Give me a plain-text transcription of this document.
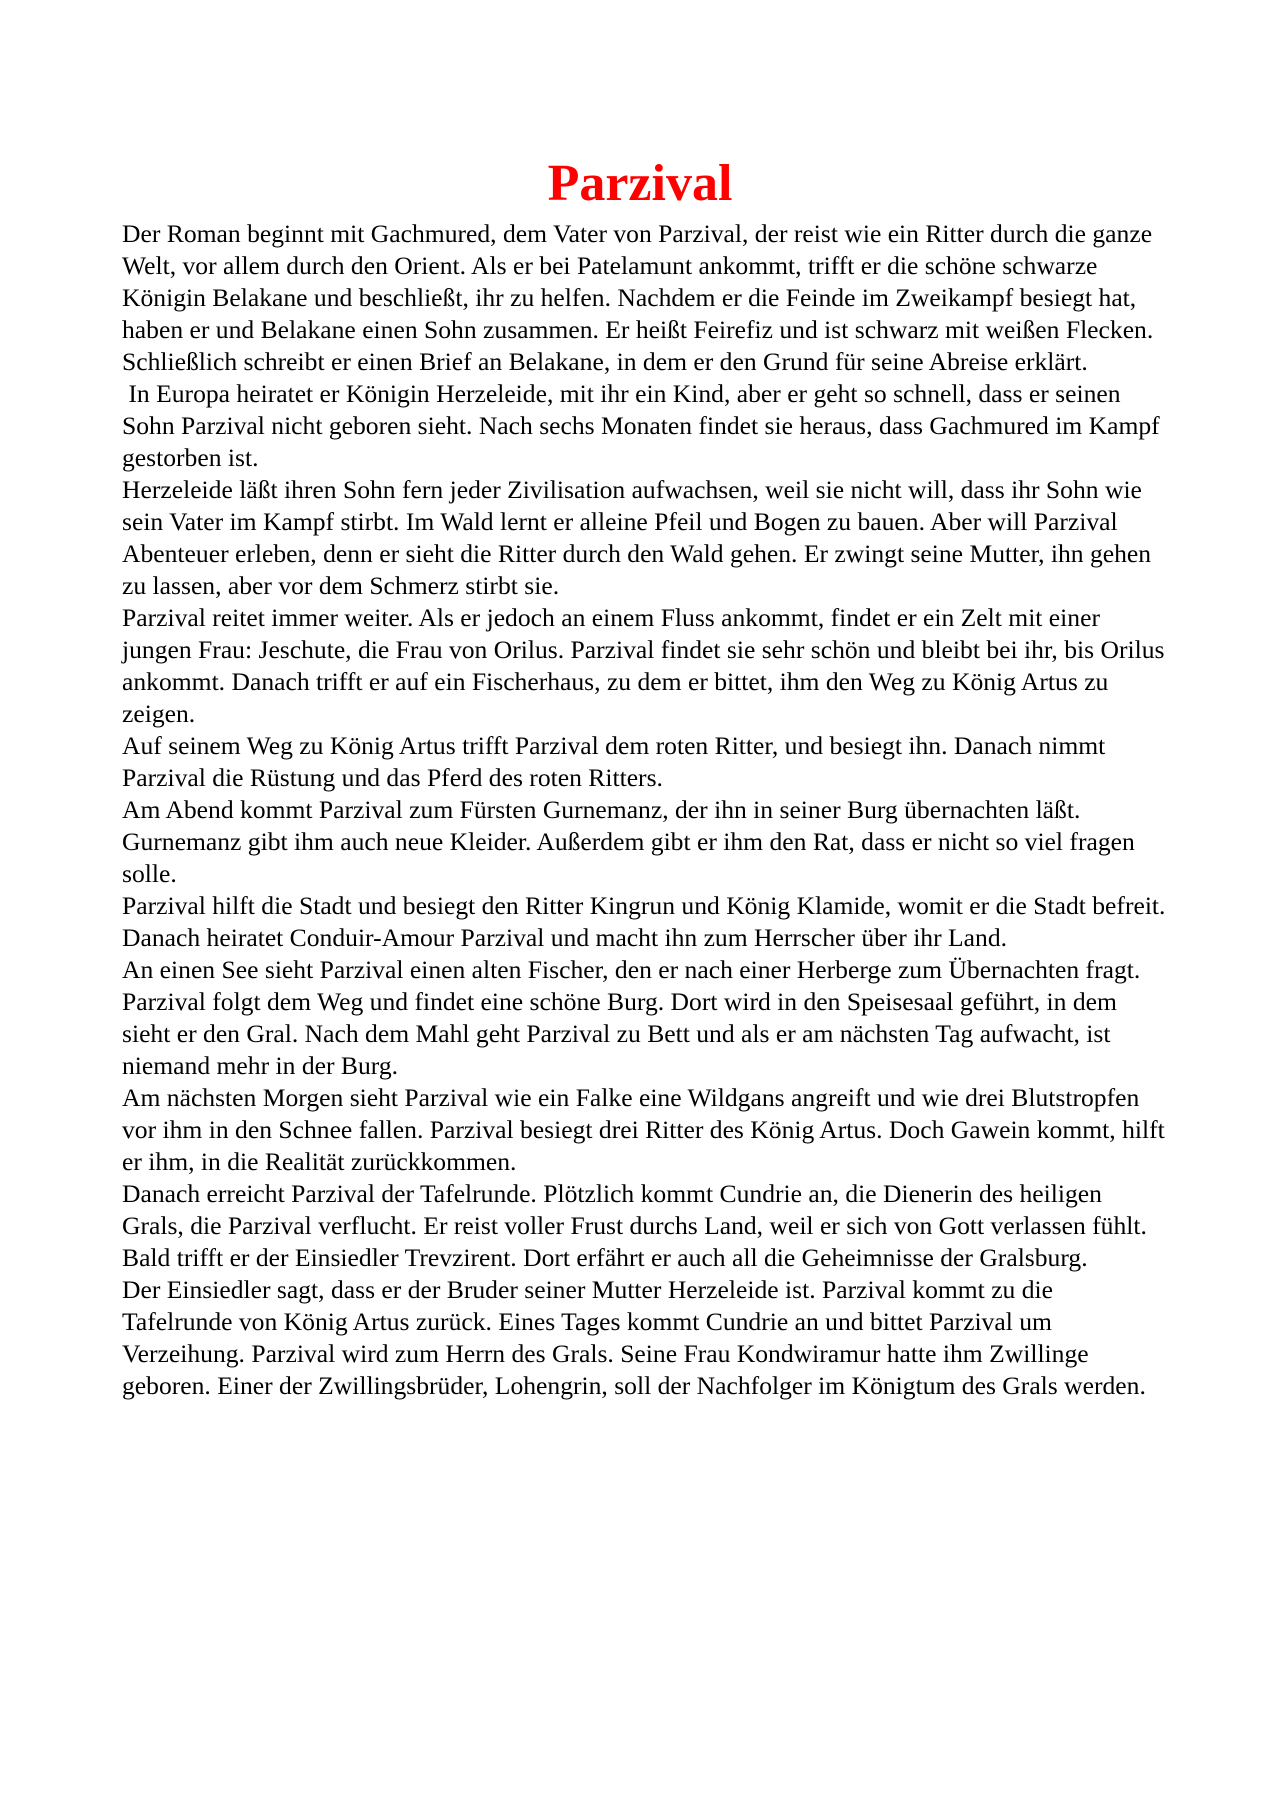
Parzival

Der Roman beginnt mit Gachmured, dem Vater von Parzival, der reist wie ein Ritter durch die ganze Welt, vor allem durch den Orient. Als er bei Patelamunt ankommt, trifft er die schöne schwarze Königin Belakane und beschließt, ihr zu helfen. Nachdem er die Feinde im Zweikampf besiegt hat, haben er und Belakane einen Sohn zusammen. Er heißt Feirefiz und ist schwarz mit weißen Flecken. Schließlich schreibt er einen Brief an Belakane, in dem er den Grund für seine Abreise erklärt.

In Europa heiratet er Königin Herzeleide, mit ihr ein Kind, aber er geht so schnell, dass er seinen Sohn Parzival nicht geboren sieht. Nach sechs Monaten findet sie heraus, dass Gachmured im Kampf gestorben ist.

Herzeleide läßt ihren Sohn fern jeder Zivilisation aufwachsen, weil sie nicht will, dass ihr Sohn wie sein Vater im Kampf stirbt. Im Wald lernt er alleine Pfeil und Bogen zu bauen. Aber will Parzival Abenteuer erleben, denn er sieht die Ritter durch den Wald gehen. Er zwingt seine Mutter, ihn gehen zu lassen, aber vor dem Schmerz stirbt sie.

Parzival reitet immer weiter. Als er jedoch an einem Fluss ankommt, findet er ein Zelt mit einer jungen Frau: Jeschute, die Frau von Orilus. Parzival findet sie sehr schön und bleibt bei ihr, bis Orilus ankommt. Danach trifft er auf ein Fischerhaus, zu dem er bittet, ihm den Weg zu König Artus zu zeigen.

Auf seinem Weg zu König Artus trifft Parzival dem roten Ritter, und besiegt ihn. Danach nimmt Parzival die Rüstung und das Pferd des roten Ritters.

Am Abend kommt Parzival zum Fürsten Gurnemanz, der ihn in seiner Burg übernachten läßt. Gurnemanz gibt ihm auch neue Kleider. Außerdem gibt er ihm den Rat, dass er nicht so viel fragen solle.

Parzival hilft die Stadt und besiegt den Ritter Kingrun und König Klamide, womit er die Stadt befreit. Danach heiratet Conduir-Amour Parzival und macht ihn zum Herrscher über ihr Land.

An einen See sieht Parzival einen alten Fischer, den er nach einer Herberge zum Übernachten fragt. Parzival folgt dem Weg und findet eine schöne Burg. Dort wird in den Speisesaal geführt, in dem sieht er den Gral. Nach dem Mahl geht Parzival zu Bett und als er am nächsten Tag aufwacht, ist niemand mehr in der Burg.

Am nächsten Morgen sieht Parzival wie ein Falke eine Wildgans angreift und wie drei Blutstropfen vor ihm in den Schnee fallen. Parzival besiegt drei Ritter des König Artus. Doch Gawein kommt, hilft er ihm, in die Realität zurückkommen.

Danach erreicht Parzival der Tafelrunde. Plötzlich kommt Cundrie an, die Dienerin des heiligen Grals, die Parzival verflucht. Er reist voller Frust durchs Land, weil er sich von Gott verlassen fühlt. Bald trifft er der Einsiedler Trevzirent. Dort erfährt er auch all die Geheimnisse der Gralsburg.

Der Einsiedler sagt, dass er der Bruder seiner Mutter Herzeleide ist. Parzival kommt zu die Tafelrunde von König Artus zurück. Eines Tages kommt Cundrie an und bittet Parzival um Verzeihung. Parzival wird zum Herrn des Grals. Seine Frau Kondwiramur hatte ihm Zwillinge geboren. Einer der Zwillingsbrüder, Lohengrin, soll der Nachfolger im Königtum des Grals werden.
